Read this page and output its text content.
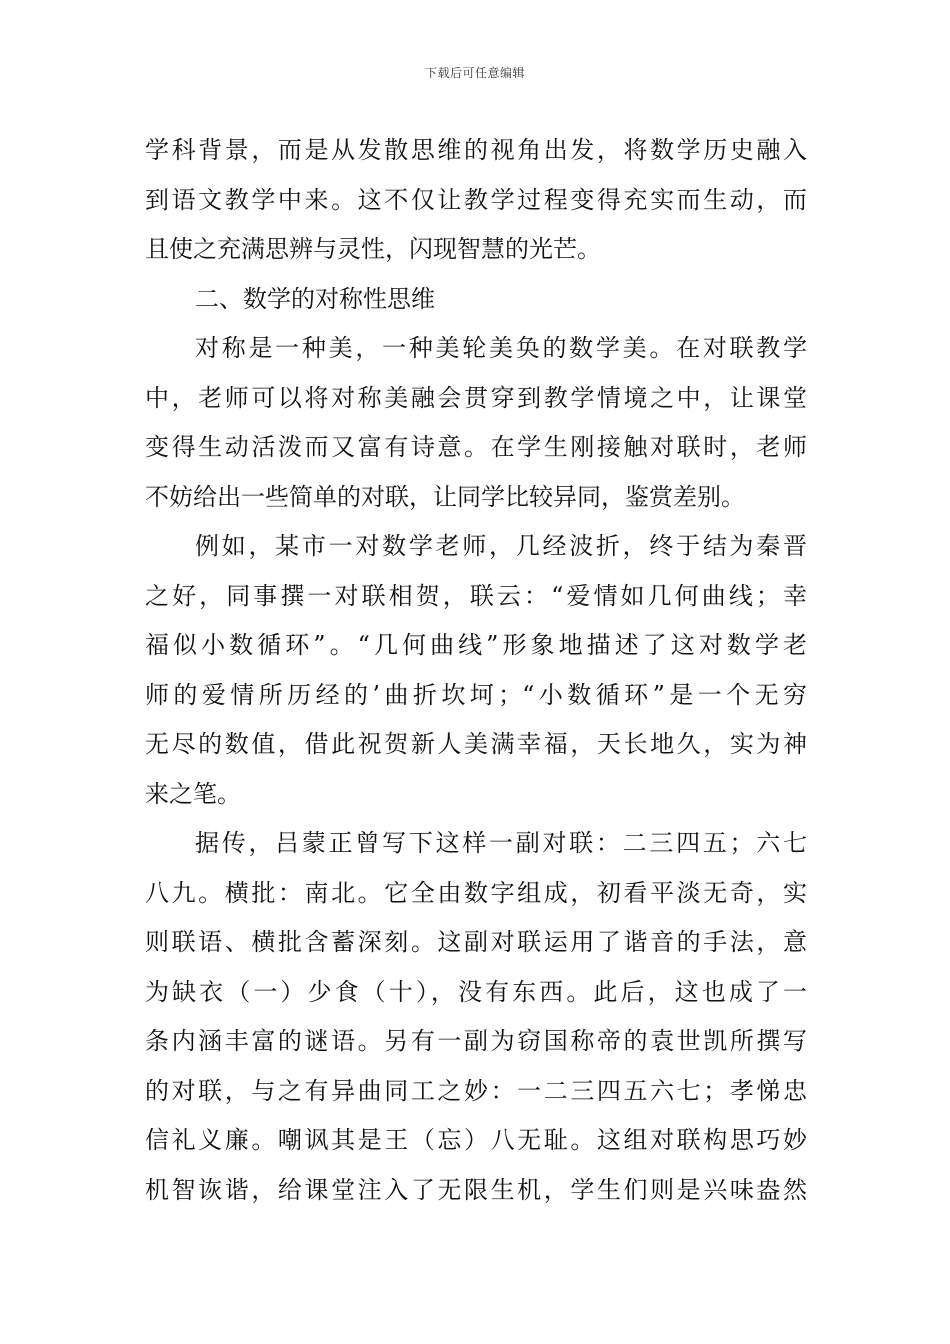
下载后可任意编辑
学科背景，而是从发散思维的视角出发，将数学历史融入
到语文教学中来。这不仅让教学过程变得充实而生动，而
且使之充满思辨与灵性，闪现智慧的光芒。
二、数学的对称性思维
对称是一种美，一种美轮美奂的数学美。在对联教学
中，老师可以将对称美融会贯穿到教学情境之中，让课堂
变得生动活泼而又富有诗意。在学生刚接触对联时，老师
不妨给出一些简单的对联，让同学比较异同，鉴赏差别。
例如，某市一对数学老师，几经波折，终于结为秦晋
之好，同事撰一对联相贺，联云：“爱情如几何曲线；幸
福似小数循环”。“几何曲线”形象地描述了这对数学老
师的爱情所历经的’曲折坎坷；“小数循环”是一个无穷
无尽的数值，借此祝贺新人美满幸福，天长地久，实为神
来之笔。
据传，吕蒙正曾写下这样一副对联：二三四五；六七
八九。横批：南北。它全由数字组成，初看平淡无奇，实
则联语、横批含蓄深刻。这副对联运用了谐音的手法，意
为缺衣（一）少食（十），没有东西。此后，这也成了一
条内涵丰富的谜语。另有一副为窃国称帝的袁世凯所撰写
的对联，与之有异曲同工之妙：一二三四五六七；孝悌忠
信礼义廉。嘲讽其是王（忘）八无耻。这组对联构思巧妙
机智诙谐，给课堂注入了无限生机，学生们则是兴味盎然
